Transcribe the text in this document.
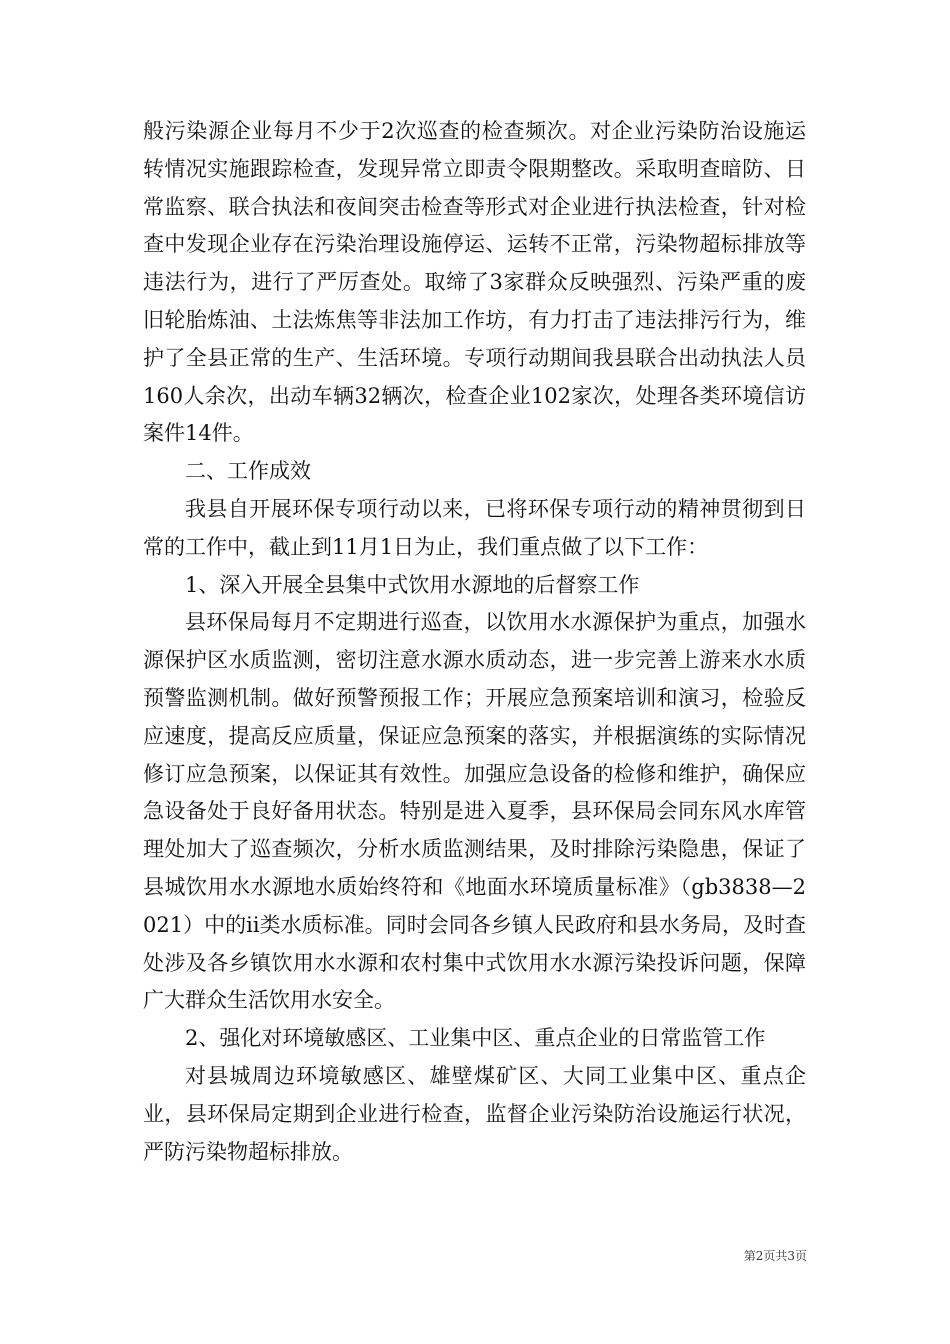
般污染源企业每月不少于2次巡查的检查频次。对企业污染防治设施运转情况实施跟踪检查，发现异常立即责令限期整改。采取明查暗防、日常监察、联合执法和夜间突击检查等形式对企业进行执法检查，针对检查中发现企业存在污染治理设施停运、运转不正常，污染物超标排放等违法行为，进行了严厉查处。取缔了3家群众反映强烈、污染严重的废旧轮胎炼油、土法炼焦等非法加工作坊，有力打击了违法排污行为，维护了全县正常的生产、生活环境。专项行动期间我县联合出动执法人员160人余次，出动车辆32辆次，检查企业102家次，处理各类环境信访案件14件。

二、工作成效

我县自开展环保专项行动以来，已将环保专项行动的精神贯彻到日常的工作中，截止到11月1日为止，我们重点做了以下工作：

1、深入开展全县集中式饮用水源地的后督察工作

县环保局每月不定期进行巡查，以饮用水水源保护为重点，加强水源保护区水质监测，密切注意水源水质动态，进一步完善上游来水水质预警监测机制。做好预警预报工作；开展应急预案培训和演习，检验反应速度，提高反应质量，保证应急预案的落实，并根据演练的实际情况修订应急预案，以保证其有效性。加强应急设备的检修和维护，确保应急设备处于良好备用状态。特别是进入夏季，县环保局会同东风水库管理处加大了巡查频次，分析水质监测结果，及时排除污染隐患，保证了县城饮用水水源地水质始终符和《地面水环境质量标准》（gb3838—2021）中的ii类水质标准。同时会同各乡镇人民政府和县水务局，及时查处涉及各乡镇饮用水水源和农村集中式饮用水水源污染投诉问题，保障广大群众生活饮用水安全。

2、强化对环境敏感区、工业集中区、重点企业的日常监管工作

对县城周边环境敏感区、雄壁煤矿区、大同工业集中区、重点企业，县环保局定期到企业进行检查，监督企业污染防治设施运行状况，严防污染物超标排放。

第2页共3页
